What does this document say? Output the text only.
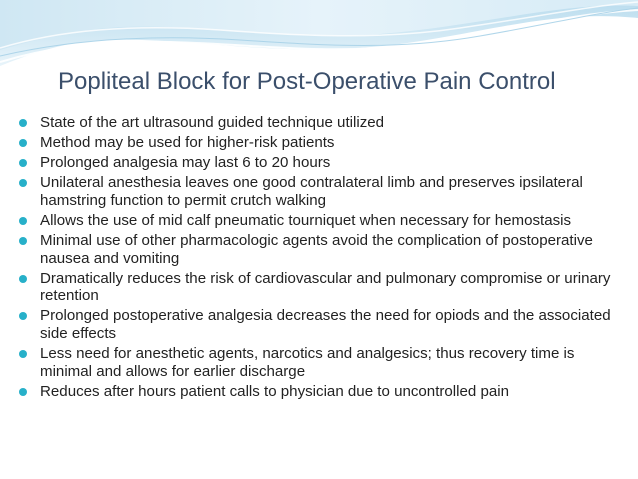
Popliteal Block for Post-Operative Pain Control
State of the art ultrasound guided technique utilized
Method may be used for higher-risk patients
Prolonged analgesia may last 6 to 20 hours
Unilateral anesthesia leaves one good contralateral limb and preserves ipsilateral hamstring function to permit crutch walking
Allows the use of mid calf pneumatic tourniquet when necessary for hemostasis
Minimal use of other pharmacologic agents avoid the complication of postoperative nausea and vomiting
Dramatically reduces the risk of cardiovascular and pulmonary compromise or urinary retention
Prolonged postoperative analgesia decreases the need for opiods and the associated side effects
Less need for anesthetic agents, narcotics and analgesics; thus recovery time is minimal and allows for earlier discharge
Reduces after hours patient calls to physician due to uncontrolled pain
